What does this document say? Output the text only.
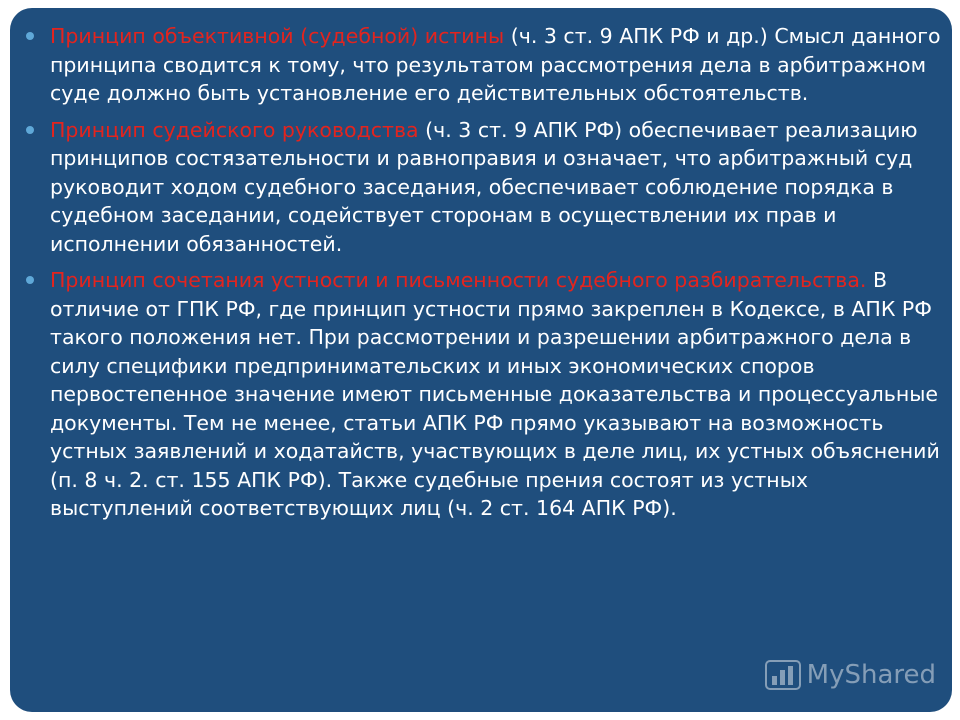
Принцип объективной (судебной) истины (ч. 3 ст. 9 АПК РФ и др.) Смысл данного принципа сводится к тому, что результатом рассмотрения дела в арбитражном суде должно быть установление его действительных обстоятельств.
Принцип судейского руководства (ч. 3 ст. 9 АПК РФ) обеспечивает реализацию принципов состязательности и равноправия и означает, что арбитражный суд руководит ходом судебного заседания, обеспечивает соблюдение порядка в судебном заседании, содействует сторонам в осуществлении их прав и исполнении обязанностей.
Принцип сочетания устности и письменности судебного разбирательства. В отличие от ГПК РФ, где принцип устности прямо закреплен в Кодексе, в АПК РФ такого положения нет. При рассмотрении и разрешении арбитражного дела в силу специфики предпринимательских и иных экономических споров первостепенное значение имеют письменные доказательства и процессуальные документы. Тем не менее, статьи АПК РФ прямо указывают на возможность устных заявлений и ходатайств, участвующих в деле лиц, их устных объяснений (п. 8 ч. 2. ст. 155 АПК РФ). Также судебные прения состоят из устных выступлений соответствующих лиц (ч. 2 ст. 164 АПК РФ).
MyShared
